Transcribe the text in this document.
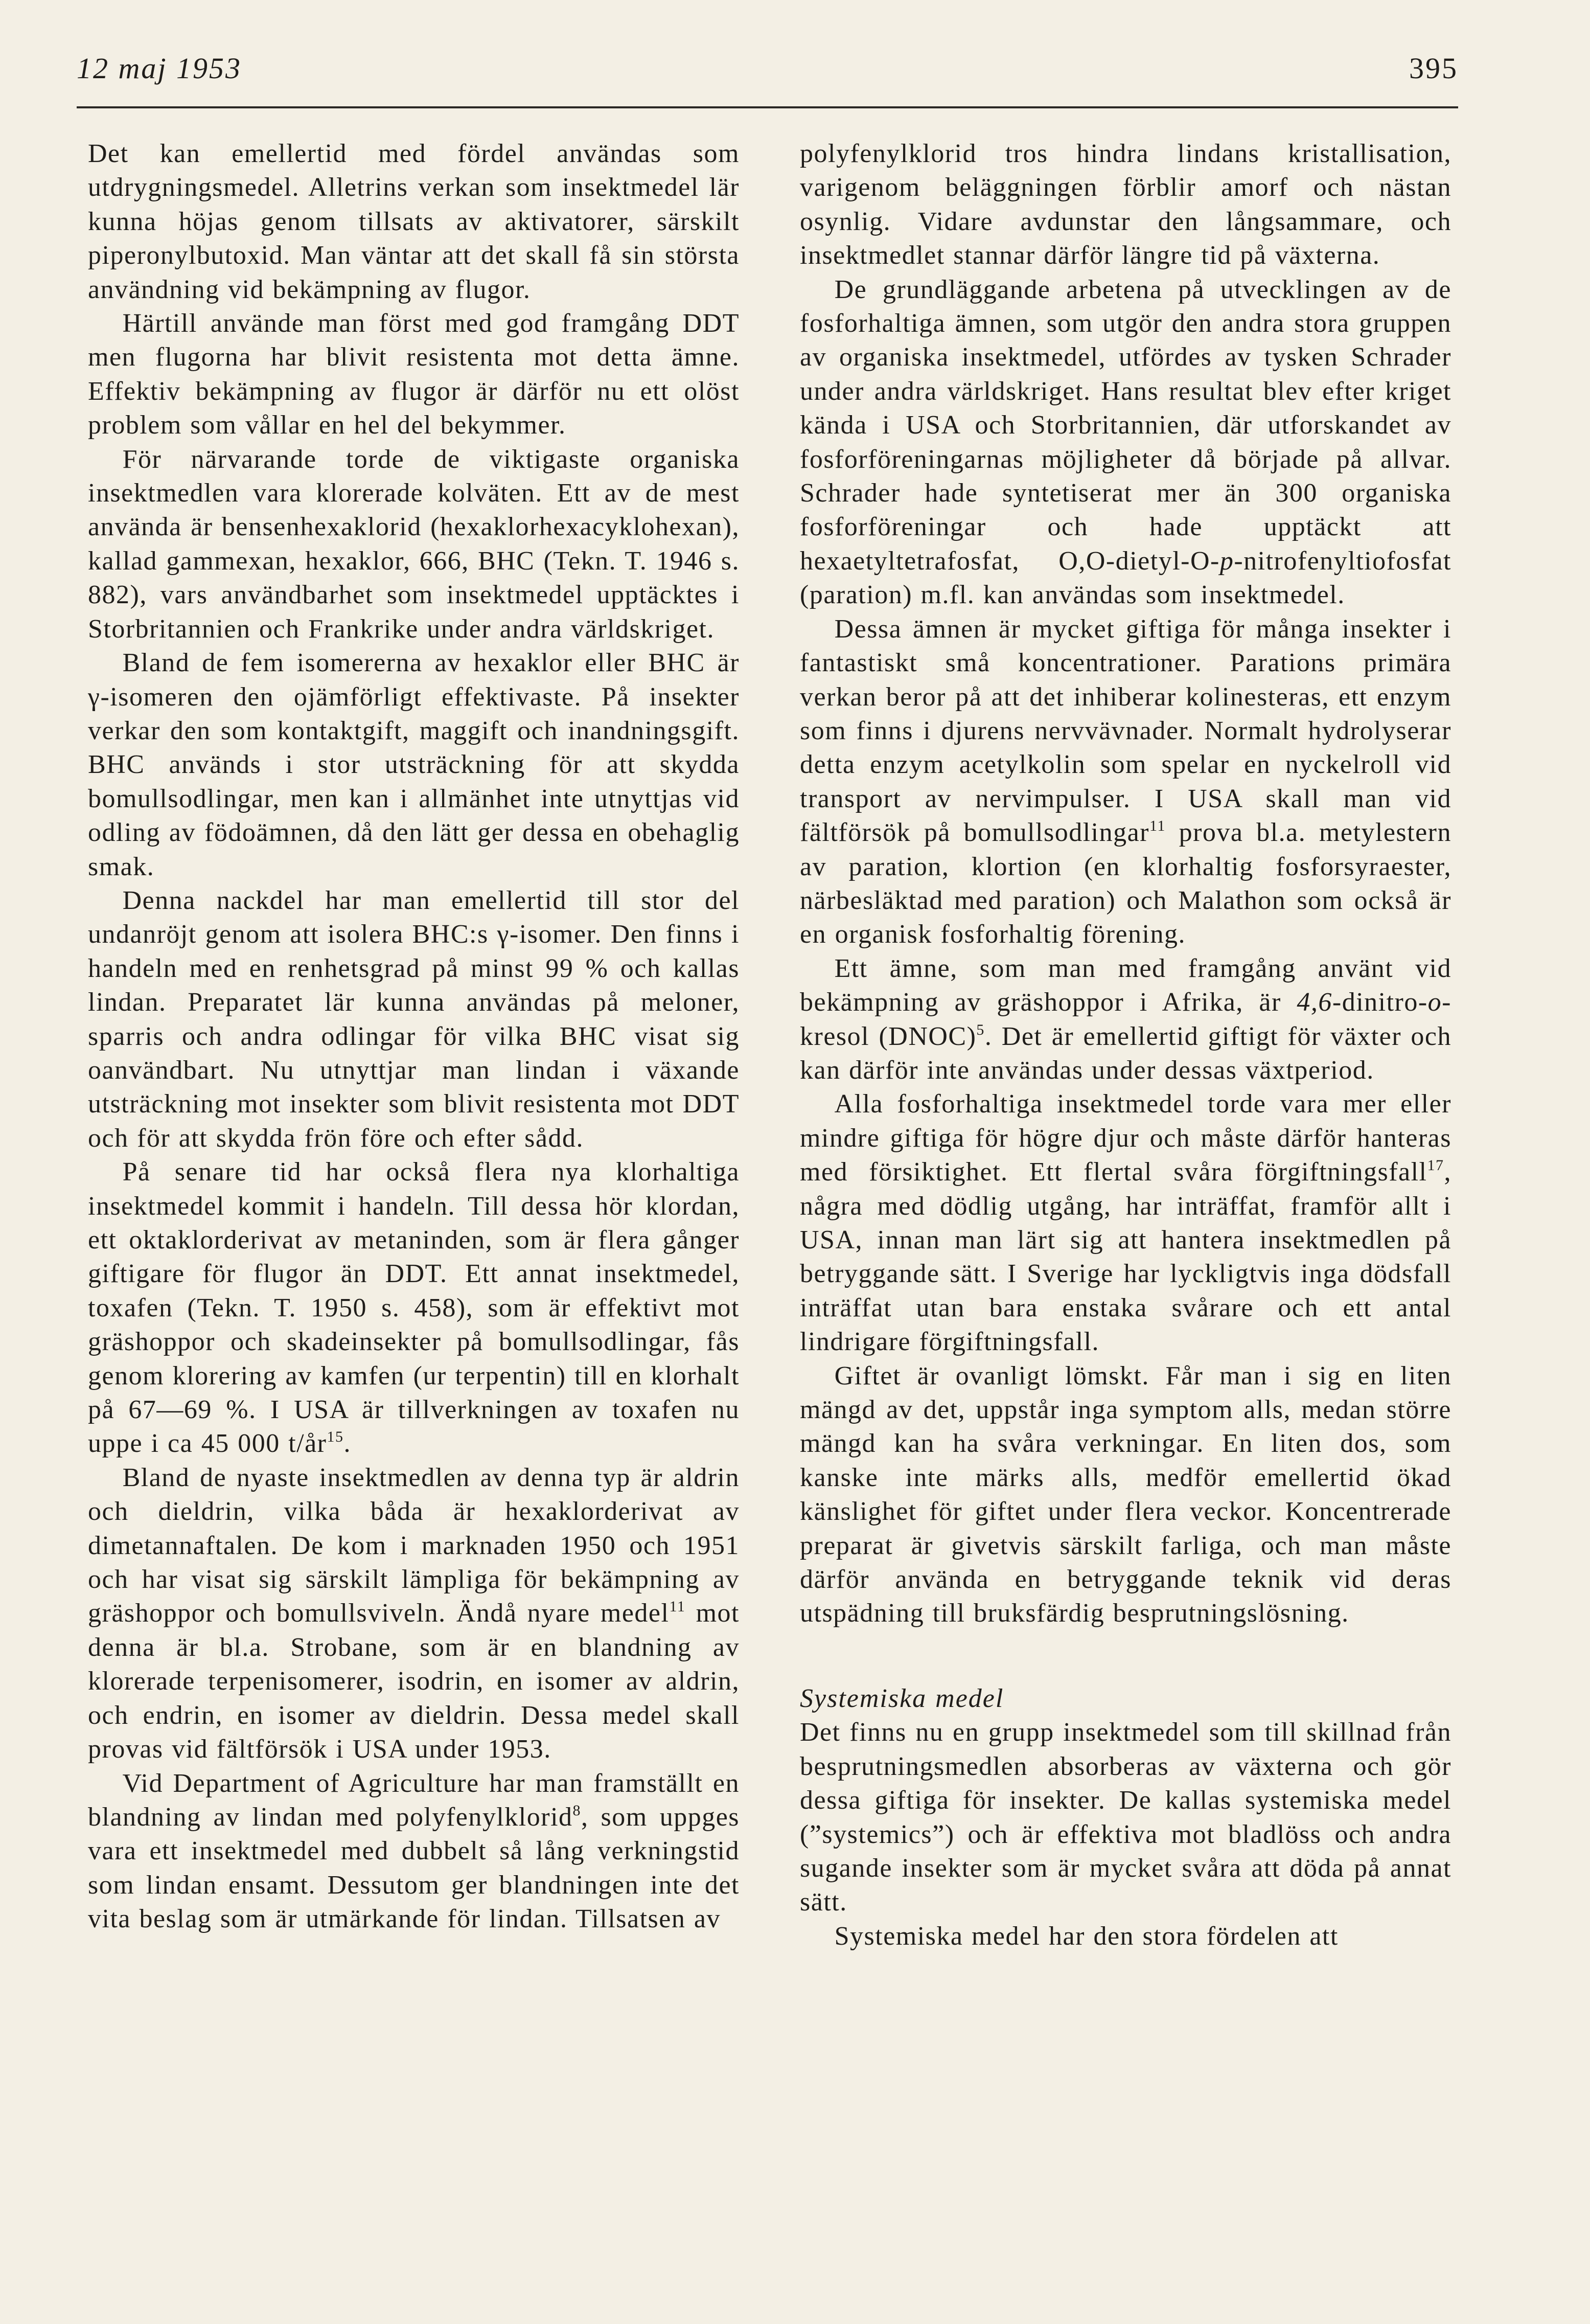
12 maj 1953	395

Det kan emellertid med fördel användas som utdrygningsmedel. Alletrins verkan som insektmedel lär kunna höjas genom tillsats av aktivatorer, särskilt piperonylbutoxid. Man väntar att det skall få sin största användning vid bekämpning av flugor.

Härtill använde man först med god framgång DDT men flugorna har blivit resistenta mot detta ämne. Effektiv bekämpning av flugor är därför nu ett olöst problem som vållar en hel del bekymmer.

För närvarande torde de viktigaste organiska insektmedlen vara klorerade kolväten. Ett av de mest använda är bensenhexaklorid (hexaklorhexacyklohexan), kallad gammexan, hexaklor, 666, BHC (Tekn. T. 1946 s. 882), vars användbarhet som insektmedel upptäcktes i Storbritannien och Frankrike under andra världskriget.

Bland de fem isomererna av hexaklor eller BHC är γ-isomeren den ojämförligt effektivaste. På insekter verkar den som kontaktgift, maggift och inandningsgift. BHC används i stor utsträckning för att skydda bomullsodlingar, men kan i allmänhet inte utnyttjas vid odling av födoämnen, då den lätt ger dessa en obehaglig smak.

Denna nackdel har man emellertid till stor del undanröjt genom att isolera BHC:s γ-isomer. Den finns i handeln med en renhetsgrad på minst 99 % och kallas lindan. Preparatet lär kunna användas på meloner, sparris och andra odlingar för vilka BHC visat sig oanvändbart. Nu utnyttjar man lindan i växande utsträckning mot insekter som blivit resistenta mot DDT och för att skydda frön före och efter sådd.

På senare tid har också flera nya klorhaltiga insektmedel kommit i handeln. Till dessa hör klordan, ett oktaklorderivat av metaninden, som är flera gånger giftigare för flugor än DDT. Ett annat insektmedel, toxafen (Tekn. T. 1950 s. 458), som är effektivt mot gräshoppor och skadeinsekter på bomullsodlingar, fås genom klorering av kamfen (ur terpentin) till en klorhalt på 67—69 %. I USA är tillverkningen av toxafen nu uppe i ca 45 000 $t/år^{15}$.

Bland de nyaste insektmedlen av denna typ är aldrin och dieldrin, vilka båda är hexaklorderivat av dimetannaftalen. De kom i marknaden 1950 och 1951 och har visat sig särskilt lämpliga för bekämpning av gräshoppor och bomullsviveln. Ändå nyare medel$^{11}$ mot denna är bl.a. Strobane, som är en blandning av klorerade terpenisomerer, isodrin, en isomer av aldrin, och endrin, en isomer av dieldrin. Dessa medel skall provas vid fältförsök i USA under 1953.

Vid Department of Agriculture har man framställt en blandning av lindan med polyfenylklorid$^8$, som uppges vara ett insektmedel med dubbelt så lång verkningstid som lindan ensamt. Dessutom ger blandningen inte det vita beslag som är utmärkande för lindan. Tillsatsen av

polyfenylklorid tros hindra lindans kristallisation, varigenom beläggningen förblir amorf och nästan osynlig. Vidare avdunstar den långsammare, och insektmedlet stannar därför längre tid på växterna.

De grundläggande arbetena på utvecklingen av de fosforhaltiga ämnen, som utgör den andra stora gruppen av organiska insektmedel, utfördes av tysken Schrader under andra världskriget. Hans resultat blev efter kriget kända i USA och Storbritannien, där utforskandet av fosforföreningarnas möjligheter då började på allvar. Schrader hade syntetiserat mer än 300 organiska fosforföreningar och hade upptäckt att hexaetyltetrafosfat, O,O-dietyl-O-p-nitrofenyltiofosfat (paration) m.fl. kan användas som insektmedel.

Dessa ämnen är mycket giftiga för många insekter i fantastiskt små koncentrationer. Parations primära verkan beror på att det inhiberar kolinesteras, ett enzym som finns i djurens nervvävnader. Normalt hydrolyserar detta enzym acetylkolin som spelar en nyckelroll vid transport av nervimpulser. I USA skall man vid fältförsök på bomullsodlingar$^{11}$ prova bl.a. metylestern av paration, klortion (en klorhaltig fosforsyraester, närbesläktad med paration) och Malathon som också är en organisk fosforhaltig förening.

Ett ämne, som man med framgång använt vid bekämpning av gräshoppor i Afrika, är 4,6-dinitro-o-kresol (DNOC)$^5$. Det är emellertid giftigt för växter och kan därför inte användas under dessas växtperiod.

Alla fosforhaltiga insektmedel torde vara mer eller mindre giftiga för högre djur och måste därför hanteras med försiktighet. Ett flertal svåra förgiftningsfall$^{17}$, några med dödlig utgång, har inträffat, framför allt i USA, innan man lärt sig att hantera insektmedlen på betryggande sätt. I Sverige har lyckligtvis inga dödsfall inträffat utan bara enstaka svårare och ett antal lindrigare förgiftningsfall.

Giftet är ovanligt lömskt. Får man i sig en liten mängd av det, uppstår inga symptom alls, medan större mängd kan ha svåra verkningar. En liten dos, som kanske inte märks alls, medför emellertid ökad känslighet för giftet under flera veckor. Koncentrerade preparat är givetvis särskilt farliga, och man måste därför använda en betryggande teknik vid deras utspädning till bruksfärdig besprutningslösning.

Systemiska medel

Det finns nu en grupp insektmedel som till skillnad från besprutningsmedlen absorberas av växterna och gör dessa giftiga för insekter. De kallas systemiska medel (”systemics”) och är effektiva mot bladlöss och andra sugande insekter som är mycket svåra att döda på annat sätt.

Systemiska medel har den stora fördelen att
